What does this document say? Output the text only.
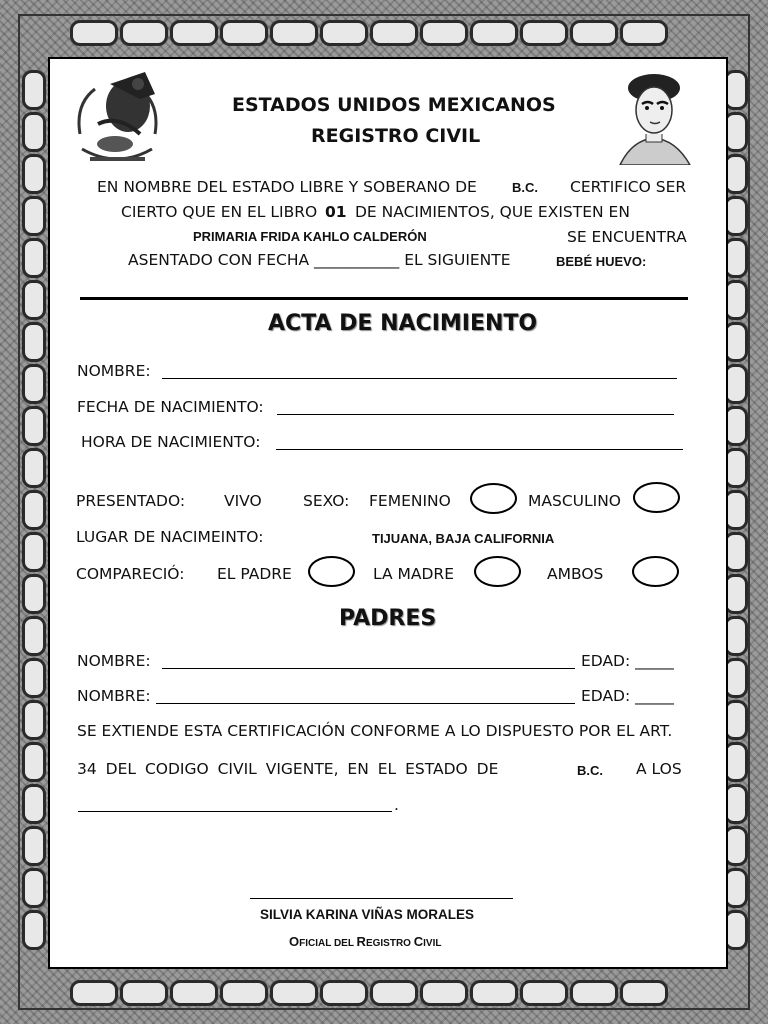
ESTADOS UNIDOS MEXICANOS
REGISTRO CIVIL
EN NOMBRE DEL ESTADO LIBRE Y SOBERANO DE	B.C. CERTIFICO SER
CIERTO QUE EN EL LIBRO 01 DE NACIMIENTOS, QUE EXISTEN EN
PRIMARIA FRIDA KAHLO CALDERÓN	SE ENCUENTRA
ASENTADO CON FECHA ___________ EL SIGUIENTE	BEBÉ HUEVO:
ACTA DE NACIMIENTO
NOMBRE:
FECHA DE NACIMIENTO:
HORA DE NACIMIENTO:
PRESENTADO:	VIVO	SEXO: FEMENINO	MASCULINO
LUGAR DE NACIMEINTO:	TIJUANA, BAJA CALIFORNIA
COMPARECIÓ: EL PADRE	LA MADRE	AMBOS
PADRES
NOMBRE:	EDAD: _____
NOMBRE:	EDAD: _____
SE EXTIENDE ESTA CERTIFICACIÓN CONFORME A LO DISPUESTO POR EL ART.
34 DEL CODIGO CIVIL VIGENTE, EN EL ESTADO DE	B.C. A LOS
.
SILVIA KARINA VIÑAS MORALES
OFICIAL DEL REGISTRO CIVIL
